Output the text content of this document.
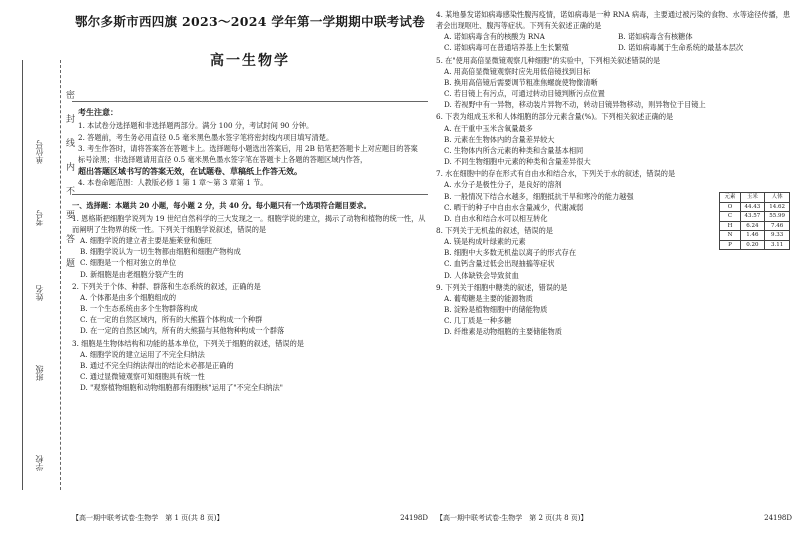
单位号
考号
姓名
班级
学校
密封线内不要答题
鄂尔多斯市西四旗 2023～2024 学年第一学期期中联考试卷
高一生物学
考生注意：

1. 本试卷分选择题和非选择题两部分。满分 100 分，考试时间 90 分钟。

2. 答题前，考生务必用直径 0.5 毫米黑色墨水签字笔将密封线内项目填写清楚。

3. 考生作答时，请将答案答在答题卡上。选择题每小题选出答案后，用 2B 铅笔把答题卡上对应题目的答案标号涂黑；非选择题请用直径 0.5 毫米黑色墨水签字笔在答题卡上各题的答题区域内作答，

超出答题区域书写的答案无效，在试题卷、草稿纸上作答无效。

4. 本卷命题范围：人教版必修 1 第 1 章～第 3 章第 1 节。

一、选择题：本题共 20 小题，每小题 2 分，共 40 分。每小题只有一个选项符合题目要求。
1. 恩格斯把细胞学说列为 19 世纪自然科学的三大发现之一。细胞学说的建立，揭示了动物和植物的统一性，从而阐明了生物界的统一性。下列关于细胞学说叙述，错误的是
A. 细胞学说的建立者主要是施莱登和施旺
B. 细胞学说认为一切生物都由细胞和细胞产物构成
C. 细胞是一个相对独立的单位
D. 新细胞是由老细胞分裂产生的
2. 下列关于个体、种群、群落和生态系统的叙述，正确的是
A. 个体都是由多个细胞组成的
B. 一个生态系统由多个生物群落构成
C. 在一定的自然区域内，所有的大熊猫个体构成一个种群
D. 在一定的自然区域内，所有的大熊猫与其他物种构成一个群落
3. 细胞是生物体结构和功能的基本单位，下列关于细胞的叙述，错误的是
A. 细胞学说的建立运用了不完全归纳法
B. 通过不完全归纳法得出的结论未必都是正确的
C. 通过显微镜观察可知细胞具有统一性
D. "观察植物细胞和动物细胞都有细胞核"运用了"不完全归纳法"
【高一期中联考试卷·生物学　第 1 页(共 8 页)】	24198D
4. 某地暴发诺如病毒感染性腹泻疫情，诺如病毒是一种 RNA 病毒，主要通过被污染的食物、水等途径传播，患者会出现呕吐、腹泻等症状。下列有关叙述正确的是
A. 诺如病毒含有的核酸为 RNA	B. 诺如病毒含有核糖体
C. 诺如病毒可在普通培养基上生长繁殖	D. 诺如病毒属于生命系统的最基本层次
5. 在"使用高倍显微镜观察几种细胞"的实验中，下列相关叙述错误的是
A. 用高倍显微镜观察时应先用低倍镜找到目标
B. 换用高倍镜后需要调节粗准焦螺旋使物像清晰
C. 若目镜上有污点，可通过转动目镜判断污点位置
D. 若视野中有一异物，移动装片异物不动，转动目镜异物移动，则异物位于目镜上
6. 下表为组成玉米和人体细胞的部分元素含量(%)。下列相关叙述正确的是
A. 在干重中玉米含氧量最多
B. 元素在生物体内的含量差异较大
C. 生物体内所含元素的种类和含量基本相同
D. 不同生物细胞中元素的种类和含量差异很大
元素	玉米	人体
O	44.43	14.62
C	43.57	55.99
H	6.24	7.46
N	1.46	9.33
P	0.20	3.11
7. 水在细胞中的存在形式有自由水和结合水，下列关于水的叙述，错误的是
A. 水分子是极性分子，是良好的溶剂
B. 一般情况下结合水越多，细胞抵抗干旱和寒冷的能力越强
C. 晒干的种子中自由水含量减少，代谢减弱
D. 自由水和结合水可以相互转化
8. 下列关于无机盐的叙述，错误的是
A. 镁是构成叶绿素的元素
B. 细胞中大多数无机盐以离子的形式存在
C. 血钙含量过低会出现抽搐等症状
D. 人体缺铁会导致贫血
9. 下列关于细胞中糖类的叙述，错误的是
A. 葡萄糖是主要的能源物质
B. 淀粉是植物细胞中的储能物质
C. 几丁质是一种多糖
D. 纤维素是动物细胞的主要储能物质
【高一期中联考试卷·生物学　第 2 页(共 8 页)】	24198D
